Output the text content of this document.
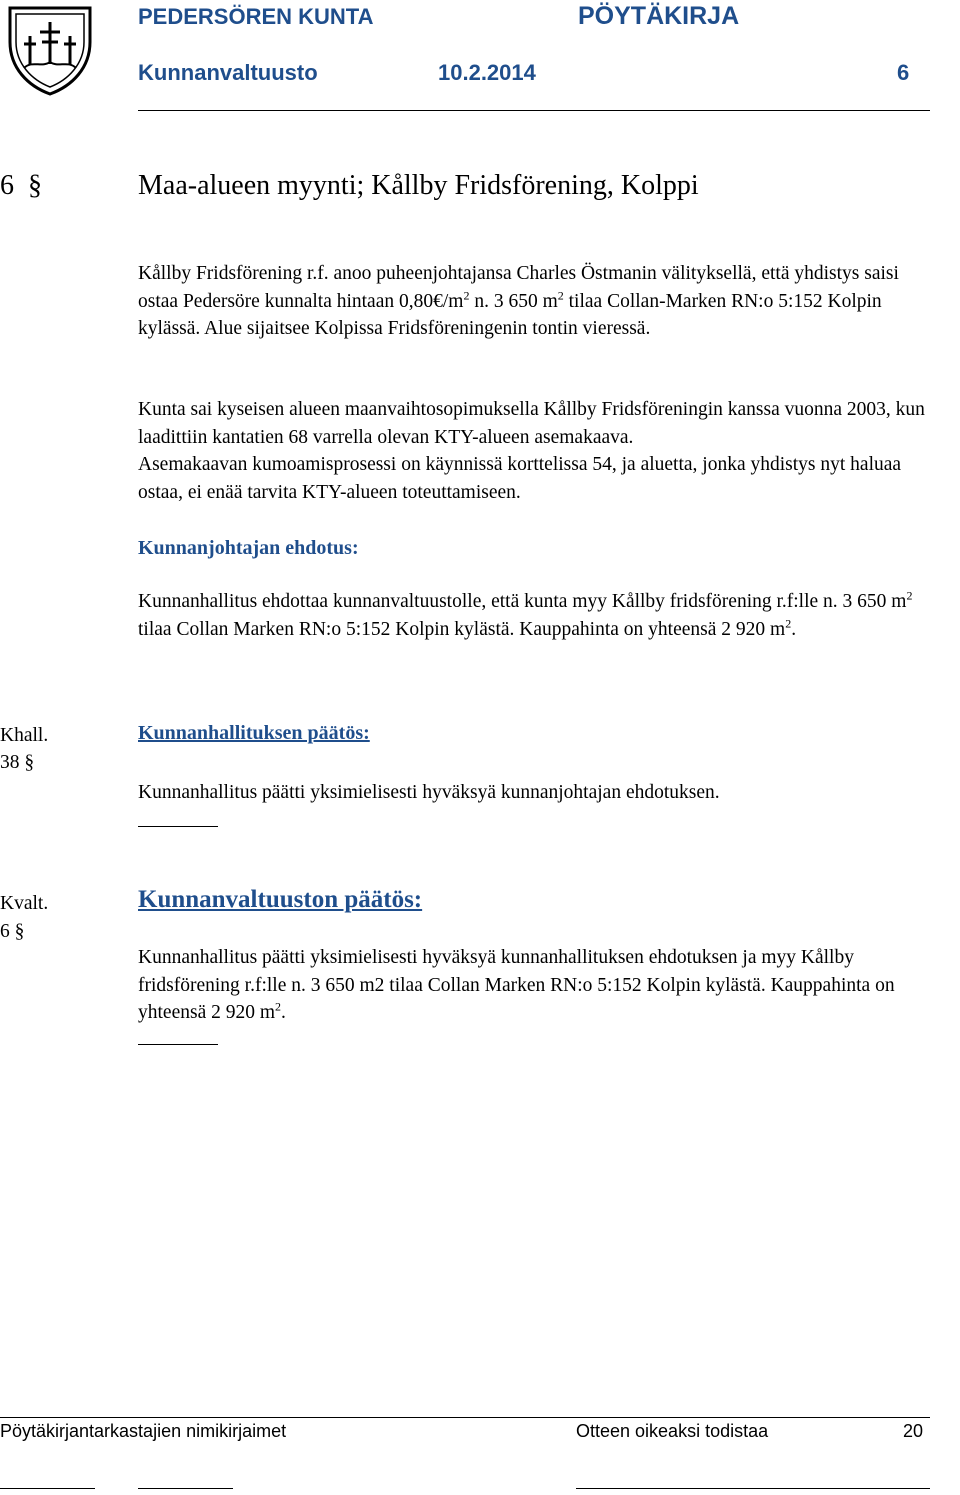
PEDERSÖREN KUNTA	PÖYTÄKIRJA
Kunnanvaltuusto	10.2.2014	6
6 §	Maa-alueen myynti; Kållby Fridsförening, Kolppi
Kållby Fridsförening r.f. anoo puheenjohtajansa Charles Östmanin välityksellä, että yhdistys saisi ostaa Pedersöre kunnalta hintaan $0,80€/m^2$ n. 3 650 $m^2$ tilaa Collan-Marken RN:o 5:152 Kolpin kylässä. Alue sijaitsee Kolpissa Fridsföreningenin tontin vieressä.
Kunta sai kyseisen alueen maanvaihtosopimuksella Kållby Fridsföreningin kanssa vuonna 2003, kun laadittiin kantatien 68 varrella olevan KTY-alueen asemakaava.
Asemakaavan kumoamisprosessi on käynnissä korttelissa 54, ja aluetta, jonka yhdistys nyt haluaa ostaa, ei enää tarvita KTY-alueen toteuttamiseen.
Kunnanjohtajan ehdotus:
Kunnanhallitus ehdottaa kunnanvaltuustolle, että kunta myy Kållby fridsförening r.f:lle n. 3 650 $m^2$ tilaa Collan Marken RN:o 5:152 Kolpin kylästä. Kauppahinta on yhteensä 2 920 $m^2$.
Khall.
38 §
Kunnanhallituksen päätös:
Kunnanhallitus päätti yksimielisesti hyväksyä kunnanjohtajan ehdotuksen.
Kvalt.
6 §
Kunnanvaltuuston päätös:
Kunnanhallitus päätti yksimielisesti hyväksyä kunnanhallituksen ehdotuksen ja myy Kållby fridsförening r.f:lle n. 3 650 m2 tilaa Collan Marken RN:o 5:152 Kolpin kylästä. Kauppahinta on yhteensä 2 920 $m^2$.
Pöytäkirjantarkastajien nimikirjaimet	Otteen oikeaksi todistaa	20
